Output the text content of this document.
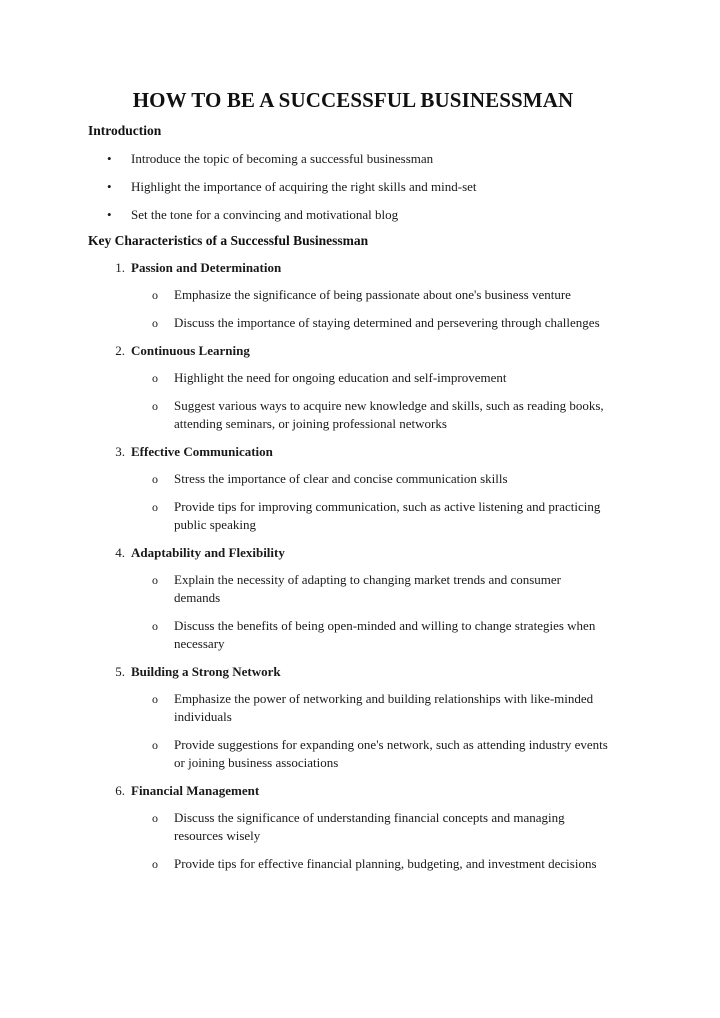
HOW TO BE A SUCCESSFUL BUSINESSMAN
Introduction
• Introduce the topic of becoming a successful businessman
• Highlight the importance of acquiring the right skills and mind-set
• Set the tone for a convincing and motivational blog
Key Characteristics of a Successful Businessman
1. Passion and Determination
o Emphasize the significance of being passionate about one's business venture
o Discuss the importance of staying determined and persevering through challenges
2. Continuous Learning
o Highlight the need for ongoing education and self-improvement
o Suggest various ways to acquire new knowledge and skills, such as reading books, attending seminars, or joining professional networks
3. Effective Communication
o Stress the importance of clear and concise communication skills
o Provide tips for improving communication, such as active listening and practicing public speaking
4. Adaptability and Flexibility
o Explain the necessity of adapting to changing market trends and consumer demands
o Discuss the benefits of being open-minded and willing to change strategies when necessary
5. Building a Strong Network
o Emphasize the power of networking and building relationships with like-minded individuals
o Provide suggestions for expanding one's network, such as attending industry events or joining business associations
6. Financial Management
o Discuss the significance of understanding financial concepts and managing resources wisely
o Provide tips for effective financial planning, budgeting, and investment decisions
